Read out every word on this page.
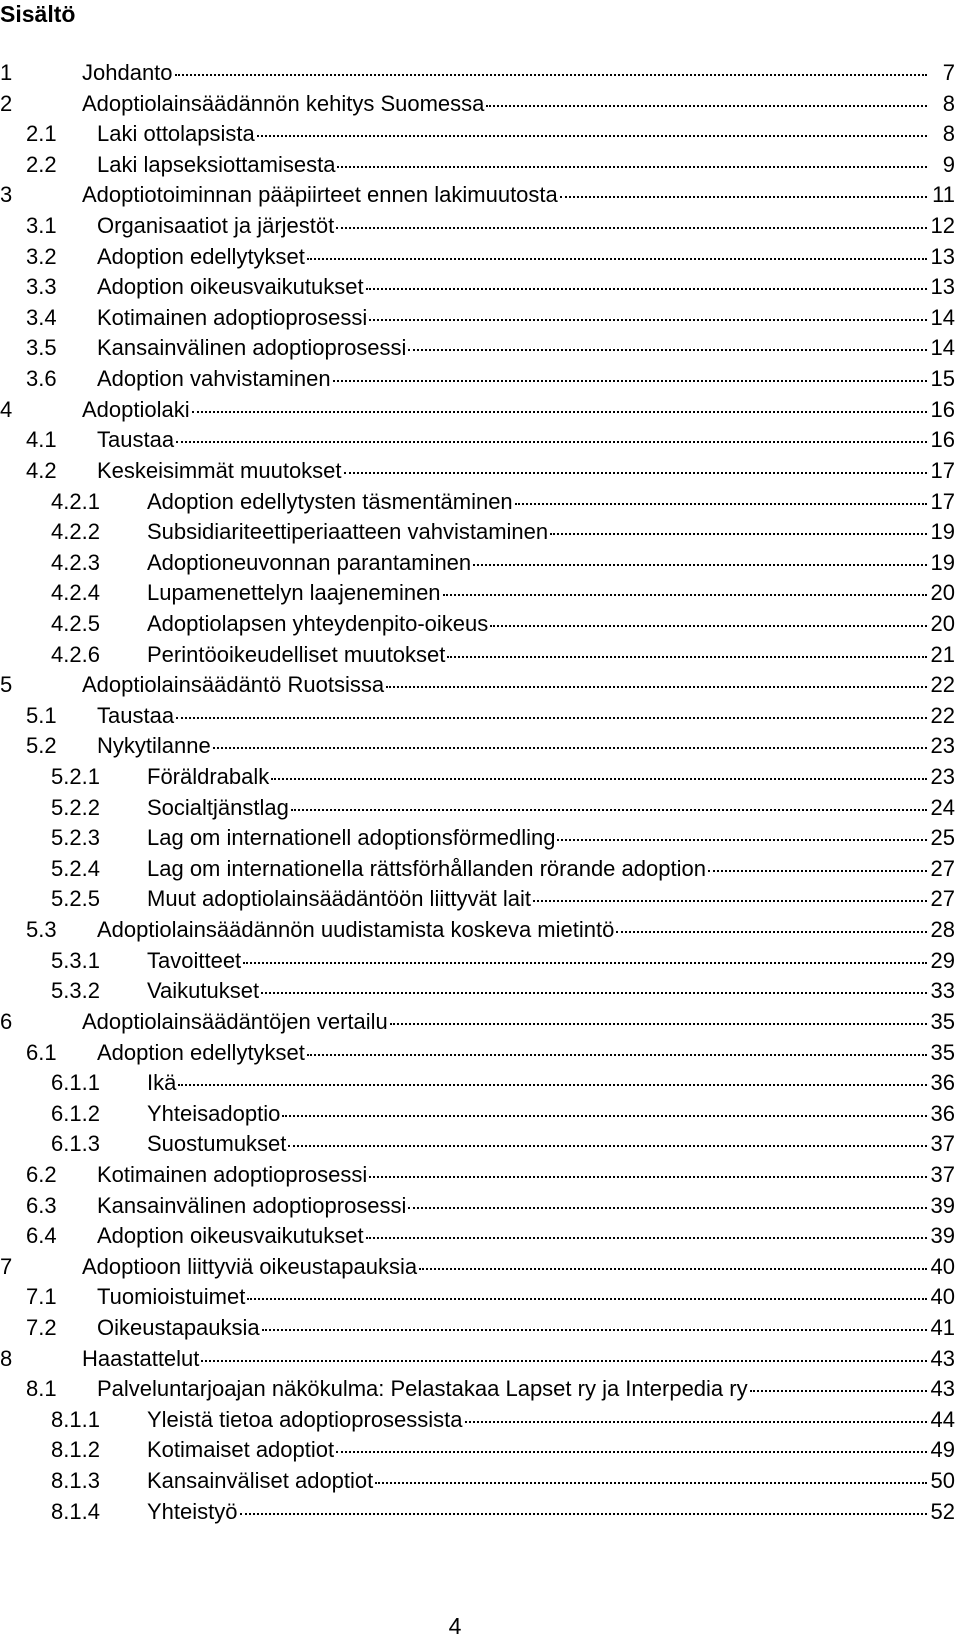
Sisältö
1	Johdanto	7
2	Adoptiolainsäädännön kehitys Suomessa	8
2.1 Laki ottolapsista	8
2.2 Laki lapseksiottamisesta	9
3	Adoptiotoiminnan pääpiirteet ennen lakimuutosta	11
3.1 Organisaatiot ja järjestöt	12
3.2 Adoption edellytykset	13
3.3 Adoption oikeusvaikutukset	13
3.4 Kotimainen adoptioprosessi	14
3.5 Kansainvälinen adoptioprosessi	14
3.6 Adoption vahvistaminen	15
4	Adoptiolaki	16
4.1 Taustaa	16
4.2 Keskeisimmät muutokset	17
4.2.1 Adoption edellytysten täsmentäminen	17
4.2.2 Subsidiariteettiperiaatteen vahvistaminen	19
4.2.3 Adoptioneuvonnan parantaminen	19
4.2.4 Lupamenettelyn laajeneminen	20
4.2.5 Adoptiolapsen yhteydenpito-oikeus	20
4.2.6 Perintöoikeudelliset muutokset	21
5	Adoptiolainsäädäntö Ruotsissa	22
5.1 Taustaa	22
5.2 Nykytilanne	23
5.2.1 Föräldrabalk	23
5.2.2 Socialtjänstlag	24
5.2.3 Lag om internationell adoptionsförmedling	25
5.2.4 Lag om internationella rättsförhållanden rörande adoption	27
5.2.5 Muut adoptiolainsäädäntöön liittyvät lait	27
5.3 Adoptiolainsäädännön uudistamista koskeva mietintö	28
5.3.1 Tavoitteet	29
5.3.2 Vaikutukset	33
6	Adoptiolainsäädäntöjen vertailu	35
6.1 Adoption edellytykset	35
6.1.1 Ikä	36
6.1.2 Yhteisadoptio	36
6.1.3 Suostumukset	37
6.2 Kotimainen adoptioprosessi	37
6.3 Kansainvälinen adoptioprosessi	39
6.4 Adoption oikeusvaikutukset	39
7	Adoptioon liittyviä oikeustapauksia	40
7.1 Tuomioistuimet	40
7.2 Oikeustapauksia	41
8	Haastattelut	43
8.1 Palveluntarjoajan näkökulma: Pelastakaa Lapset ry ja Interpedia ry	43
8.1.1 Yleistä tietoa adoptioprosessista	44
8.1.2 Kotimaiset adoptiot	49
8.1.3 Kansainväliset adoptiot	50
8.1.4 Yhteistyö	52
4
